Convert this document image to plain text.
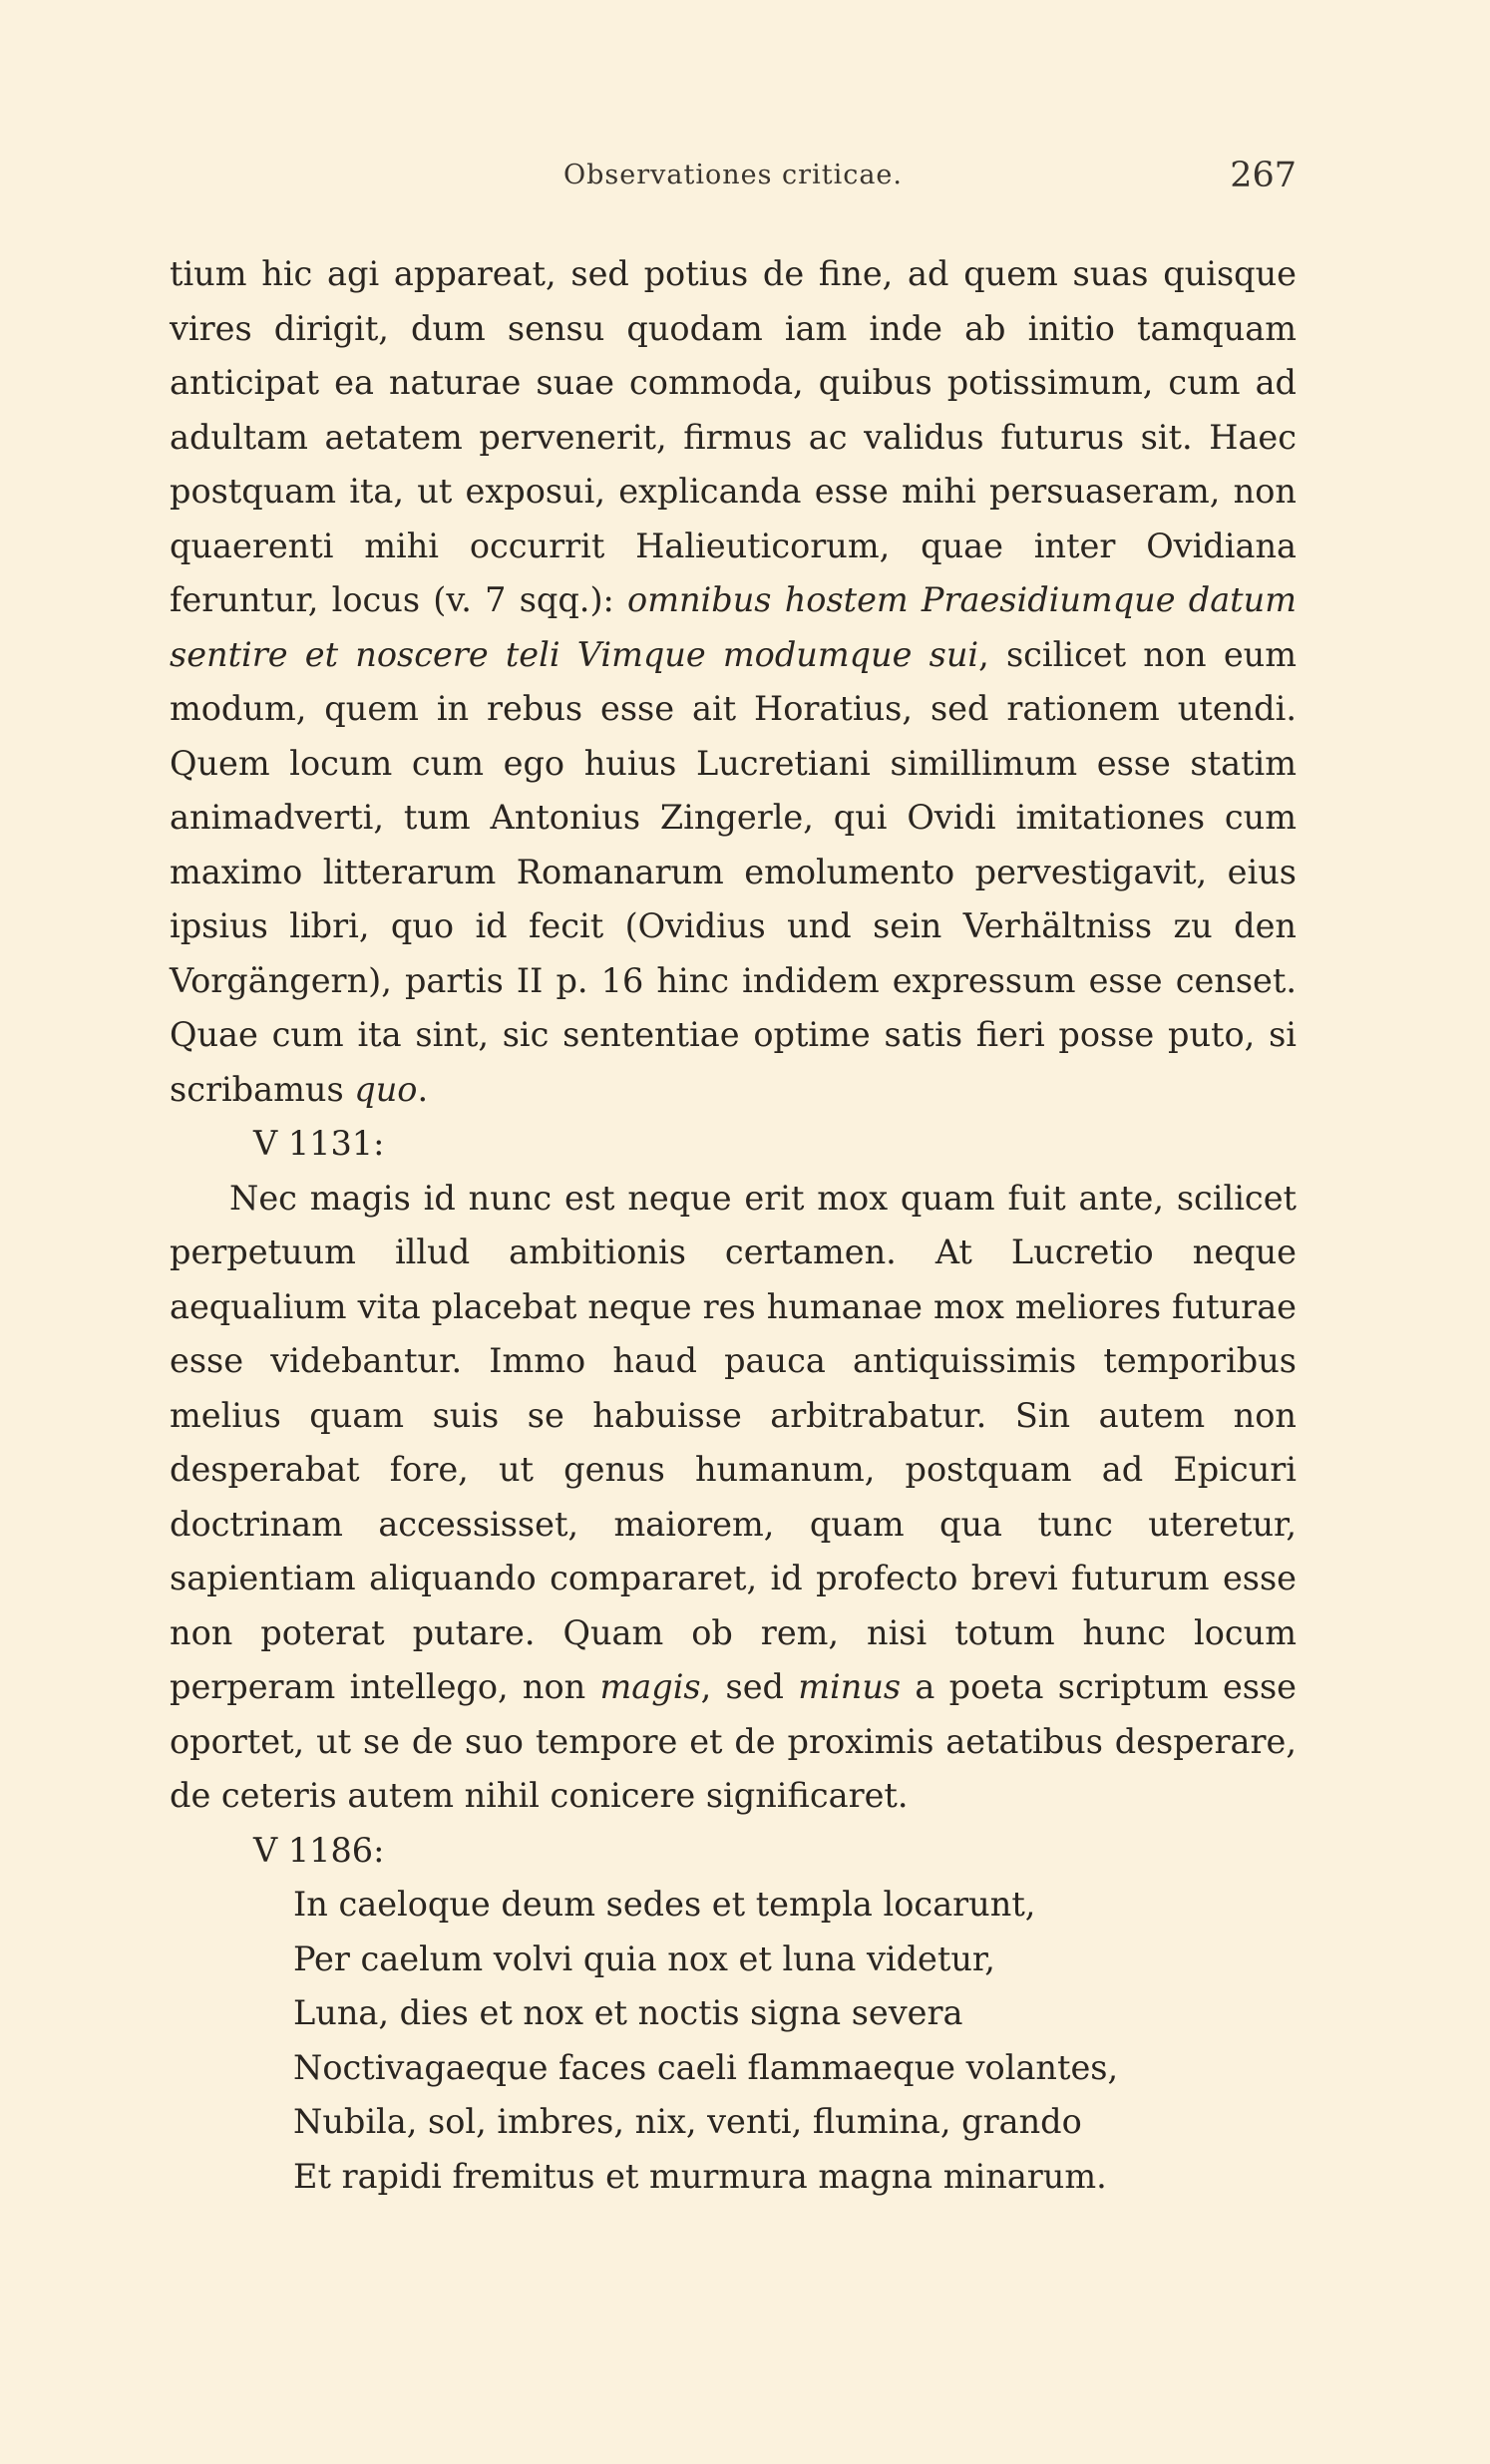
Observationes criticae.	267

tium hic agi appareat, sed potius de fine, ad quem suas quisque vires dirigit, dum sensu quodam iam inde ab initio tamquam anticipat ea naturae suae commoda, quibus potissimum, cum ad adultam aetatem pervenerit, firmus ac validus futurus sit. Haec postquam ita, ut exposui, explicanda esse mihi persuaseram, non quaerenti mihi occurrit Halieuticorum, quae inter Ovidiana feruntur, locus (v. 7 sqq.): omnibus hostem Praesidiumque datum sentire et noscere teli Vimque modumque sui, scilicet non eum modum, quem in rebus esse ait Horatius, sed rationem utendi. Quem locum cum ego huius Lucretiani simillimum esse statim animadverti, tum Antonius Zingerle, qui Ovidi imitationes cum maximo litterarum Romanarum emolumento pervestigavit, eius ipsius libri, quo id fecit (Ovidius und sein Verhältniss zu den Vorgängern), partis II p. 16 hinc indidem expressum esse censet. Quae cum ita sint, sic sententiae optime satis fieri posse puto, si scribamus quo.

V 1131:

Nec magis id nunc est neque erit mox quam fuit ante, scilicet perpetuum illud ambitionis certamen. At Lucretio neque aequalium vita placebat neque res humanae mox meliores futurae esse videbantur. Immo haud pauca antiquissimis temporibus melius quam suis se habuisse arbitrabatur. Sin autem non desperabat fore, ut genus humanum, postquam ad Epicuri doctrinam accessisset, maiorem, quam qua tunc uteretur, sapientiam aliquando compararet, id profecto brevi futurum esse non poterat putare. Quam ob rem, nisi totum hunc locum perperam intellego, non magis, sed minus a poeta scriptum esse oportet, ut se de suo tempore et de proximis aetatibus desperare, de ceteris autem nihil conicere significaret.

V 1186:

In caeloque deum sedes et templa locarunt,
Per caelum volvi quia nox et luna videtur,
Luna, dies et nox et noctis signa severa
Noctivagaeque faces caeli flammaeque volantes,
Nubila, sol, imbres, nix, venti, flumina, grando
Et rapidi fremitus et murmura magna minarum.
